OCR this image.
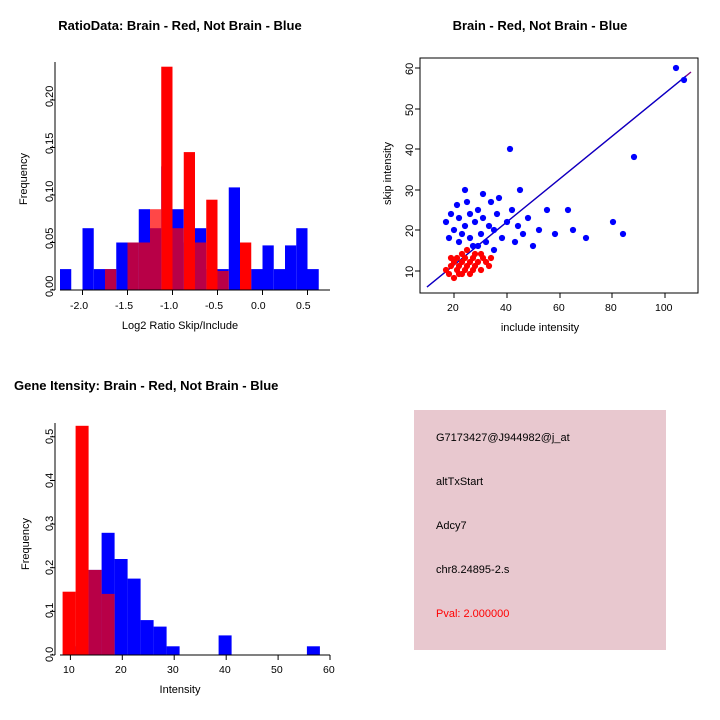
RatioData: Brain - Red, Not Brain - Blue
-2.0	-1.5	-1.0	-0.5	0.0	0.5
0.00
0.05
0.10
0.15
0.20
Log2 Ratio Skip/Include
Frequency
Brain - Red, Not Brain - Blue
20	40	60	80	100
10
20
30
40
50
60
include intensity
skip intensity
Gene Itensity: Brain - Red, Not Brain - Blue
10	20	30	40	50	60
0.0
0.1
0.2
0.3
0.4
0.5
Intensity
Frequency
G7173427@J944982@j_at
altTxStart
Adcy7
chr8.24895-2.s
Pval: 2.000000
